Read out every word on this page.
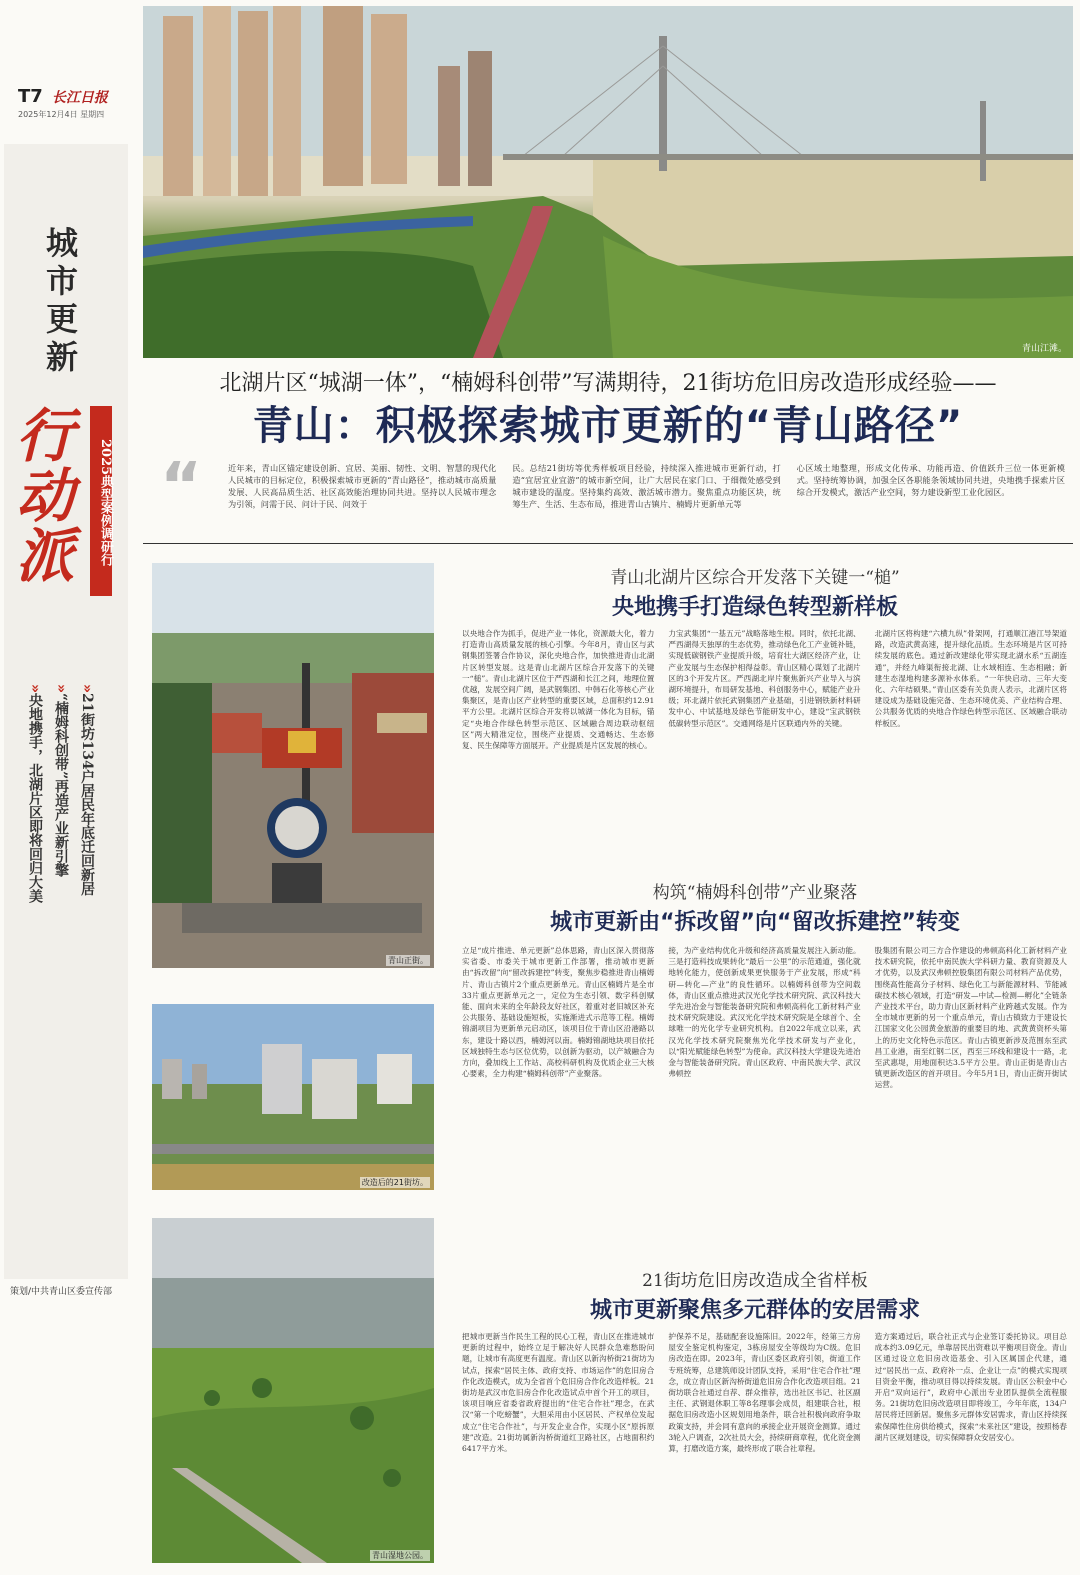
T7 长江日报
2025年12月4日 星期四
城市更新
行动派	2025典型案例调研行
»21街坊134户居民年底迁回新居
»“楠姆科创带”再造产业新引擎
»央地携手，北湖片区即将回归大美
策划/中共青山区委宣传部
青山江滩。
北湖片区“城湖一体”，“楠姆科创带”写满期待，21街坊危旧房改造形成经验——
青山：积极探索城市更新的“青山路径”
“	近年来，青山区锚定建设创新、宜居、美丽、韧性、文明、智慧的现代化人民城市的目标定位，积极探索城市更新的“青山路径”，推动城市高质量发展、人民高品质生活、社区高效能治理协同共进。坚持以人民城市理念为引领，问需于民、问计于民、问效于
民。总结21街坊等优秀样板项目经验，持续深入推进城市更新行动，打造“宜居宜业宜游”的城市新空间，让广大居民在家门口、于细微处感受到城市建设的温度。坚持集约高效、激活城市潜力。聚焦重点功能区块，统筹生产、生活、生态布局，推进青山古镇片、楠姆片更新单元等
心区域土地整理，形成文化传承、功能再造、价值跃升三位一体更新模式。坚持统筹协调，加强全区各职能条领域协同共进，央地携手探索片区综合开发模式，激活产业空间，努力建设新型工业化园区。
青山正街。
改造后的21街坊。
青山湿地公园。
青山北湖片区综合开发落下关键一“槌”
央地携手打造绿色转型新样板
以央地合作为抓手，促进产业一体化，资源最大化，着力打造青山高质量发展的核心引擎。今年8月，青山区与武钢集团签署合作协议，深化央地合作，加快推进青山北湖片区转型发展。这是青山北湖片区综合开发落下的关键一“槌”。青山北湖片区位于严西湖和长江之间，地理位置优越，发展空间广阔，是武钢集团、中韩石化等核心产业集聚区，是青山区产业转型的重要区域，总面积约12.91平方公里。北湖片区综合开发将以城湖一体化为目标，锚定“央地合作绿色转型示范区、区域融合周边联动枢纽区”两大精准定位，围绕产业提质、交通畅达、生态修复、民生保障等方面展开。产业提质是片区发展的核心。
力宝武集团“一基五元”战略落地生根。同时，依托北湖、严西湖得天独厚的生态优势，推动绿色化工产业链补链，实现低碳钢铁产业提质升级，培育壮大湖区经济产业，让产业发展与生态保护相得益彰。青山区精心谋划了北湖片区的3个开发片区。严西湖北岸片聚焦新兴产业导入与滨湖环境提升，布局研发基地、科创服务中心，赋能产业升级；环北湖片依托武钢集团产业基础，引进钢铁新材料研发中心、中试基地及绿色节能研发中心，建设“宝武钢铁低碳转型示范区”。交通网络是片区联通内外的关键。
北湖片区将构建“六横九纵”骨架网，打通顺江港江导架道路，改造武黄高速，提升绿化品质。生态环境是片区可持续发展的底色。通过新改建绿化带实现北湖水系“五湖连通”，并经九峰渠衔接北湖、让水域相连、生态相融；新建生态湿地构建多源补水体系。“一年快启动、三年大变化、六年结硕果。”青山区委有关负责人表示，北湖片区将建设成为基础设施完备、生态环境优美、产业结构合理、公共服务优质的央地合作绿色转型示范区、区域融合联动样板区。
构筑“楠姆科创带”产业聚落
城市更新由“拆改留”向“留改拆建控”转变
立足“成片推进、单元更新”总体思路，青山区深入贯彻落实省委、市委关于城市更新工作部署，推动城市更新由“拆改留”向“留改拆建控”转变，聚焦步稳推进青山楠姆片、青山古镇片2个重点更新单元。青山区楠姆片是全市33片重点更新单元之一，定位为生态引领、数字科创赋能、面向未来的全年龄段友好社区，着重对老旧城区补充公共服务、基础设施短板，实施渐进式示范等工程。楠姆锦湖项目为更新单元启动区，该项目位于青山区沿港路以东，建设十路以西，楠姆河以南。楠姆锦湖地块项目依托区域独特生态与区位优势，以创新为驱动，以产城融合为方向，叠加线上工作站、高校科研机构及优质企业三大核心要素，全力构建“楠姆科创带”产业聚落。
接，为产业结构优化升级和经济高质量发展注入新动能。三是打造科技成果转化“最后一公里”的示范通道，强化就地转化能力，使创新成果更快服务于产业发展，形成“科研—转化—产业”的良性循环。以楠姆科创带为空间载体，青山区重点推进武汉光化学技术研究院、武汉科技大学先进冶金与智能装备研究院和弗顿高科化工新材料产业技术研究院建设。武汉光化学技术研究院是全球首个、全球唯一的光化学专业研究机构。自2022年成立以来，武汉光化学技术研究院聚焦光化学技术研发与产业化，以“阳光赋能绿色转型”为使命。武汉科技大学建设先进冶金与智能装备研究院。青山区政府、中南民族大学、武汉弗顿控
股集团有限公司三方合作建设的弗顿高科化工新材料产业技术研究院，依托中南民族大学科研力量、教育资源及人才优势，以及武汉弗顿控股集团有限公司材料产品优势，围绕高性能高分子材料、绿色化工与新能源材料、节能减碳技术核心领域，打造“研发—中试—检测—孵化”全链条产业技术平台，助力青山区新材料产业跨越式发展。作为全市城市更新的另一个重点单元，青山古镇致力于建设长江国家文化公园黄金旅游的重要目的地、武黄黄资杯头第上的历史文化特色示范区。青山古镇更新涉及范围东至武昌工业港，南至红钢二区，西至三环线和建设十一路，北至武惠堤，用地面积达3.5平方公里。青山正街是青山古镇更新改造区的首开项目。今年5月1日，青山正街开街试运营。
21街坊危旧房改造成全省样板
城市更新聚焦多元群体的安居需求
把城市更新当作民生工程的民心工程，青山区在推进城市更新的过程中，始终立足于解决好人民群众急难愁盼问题，让城市有高度更有温度。青山区以新沟桥街21街坊为试点，探索“居民主体、政府支持、市场运作”的危旧房合作化改造模式，成为全省首个危旧房合作化改造样板。21街坊是武汉市危旧房合作化改造试点中首个开工的项目，该项目响应省委省政府提出的“住宅合作社”理念，在武汉“第一个吃螃蟹”，大胆采用由小区居民、产权单位发起成立“住宅合作社”，与开发企业合作，实现小区“原拆原建”改造。21街坊属新沟桥街道红卫路社区，占地面积约6417平方米。
护保养不足，基础配套设施陈旧。2022年，经第三方房屋安全鉴定机构鉴定，3栋房屋安全等级均为C级。危旧房改造在即。2023年，青山区委区政府引领，街道工作专班统筹，总建筑师设计团队支持，采用“住宅合作社”理念，成立青山区新沟桥街道危旧房合作化改造项目组。21街坊联合社通过自荐、群众推荐，选出社区书记、社区副主任、武钢退休职工等8名理事会成员，组建联合社，根据危旧房改造小区规划用地条件，联合社积极向政府争取政策支持，并会同有意向的承接企业开展资金测算。通过3轮入户调查，2次社员大会，持续研商章程，优化资金测算，打磨改造方案，最终形成了联合社章程。
造方案通过后，联合社正式与企业签订委托协议。项目总成本约3.09亿元，单靠居民出资难以平衡项目资金。青山区通过设立危旧房改造基金、引入区属国企代建，通过“居民出一点、政府补一点、企业让一点”的模式实现项目资金平衡，推动项目得以持续发展。青山区公积金中心开启“双向运行”，政府中心派出专业团队提供全流程服务。21街坊危旧房改造项目即将竣工，今年年底，134户居民将迁回新居。聚焦多元群体安居需求，青山区持续探索保障性住房供给模式，探索“未来社区”建设，按照杨春湖片区规划建设，切实保障群众安居安心。
